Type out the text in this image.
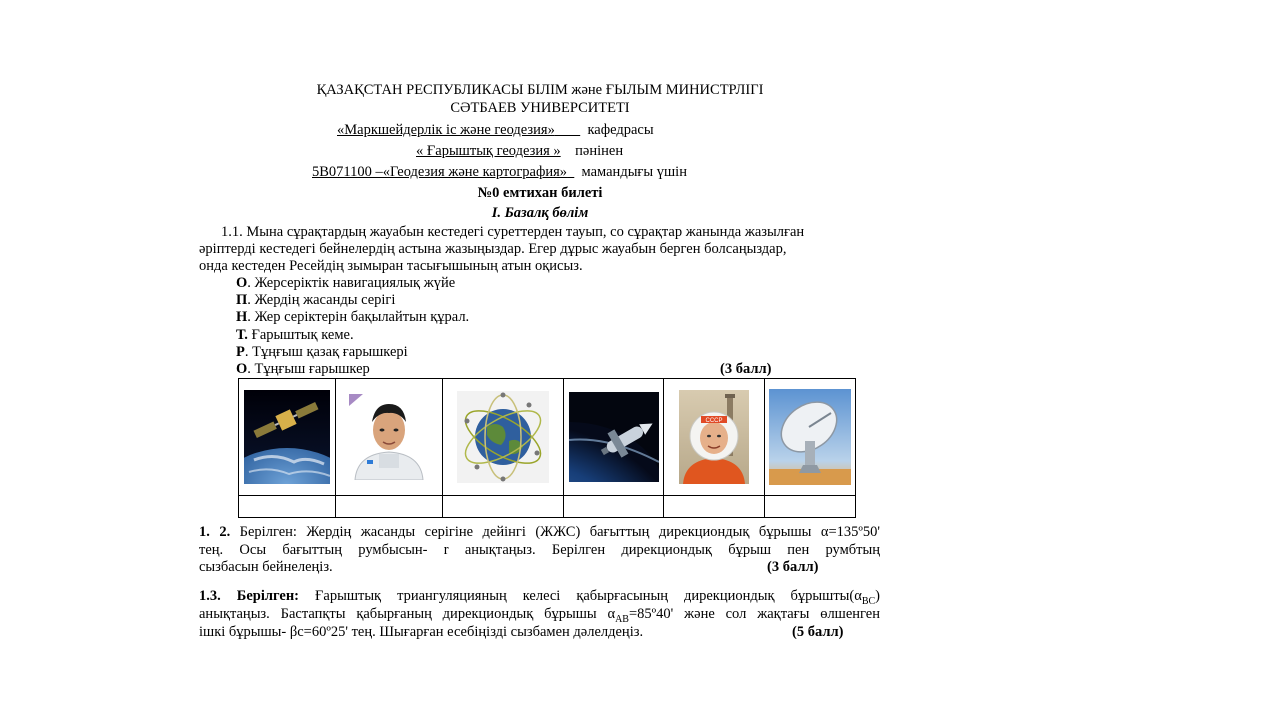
ҚАЗАҚСТАН РЕСПУБЛИКАСЫ БІЛІМ және ҒЫЛЫМ МИНИСТРЛІГІ
СӘТБАЕВ УНИВЕРСИТЕТІ
«Маркшейдерлік іс және геодезия» кафедрасы
« Ғарыштық геодезия » пәнінен
5В071100 –«Геодезия және картография» мамандығы үшін
№0 емтихан билеті
I. Базалқ бөлім
1.1. Мына сұрақтардың жауабын кестедегі суреттерден тауып, со сұрақтар жанында жазылған
әріптерді кестедегі бейнелердің астына жазыңыздар. Егер дұрыс жауабын берген болсаңыздар,
онда кестеден Ресейдің зымыран тасығышының атын оқисыз.
О. Жерсеріктік навигациялық жүйе
П. Жердің жасанды серігі
Н. Жер серіктерін бақылайтын құрал.
Т. Ғарыштық кеме.
Р. Тұңғыш қазақ ғарышкері
О. Тұңғыш ғарышкер	(3 балл)

СССР

1. 2. Берілген: Жердің жасанды серігіне дейінгі (ЖЖС) бағыттың дирекциондық бұрышы α=135º50'
тең. Осы бағыттың румбысын- r анықтаңыз. Берілген дирекциондық бұрыш пен румбтың
сызбасын бейнелеңіз.	(3 балл)
1.3. Берілген: Ғарыштық триангуляцияның келесі қабырғасының дирекциондық $бұрышты(\alpha_{BC})$
анықтаңыз. Бастапқты қабырғаның дирекциондық бұрышы $\alpha_{AB}=85º40'$ және сол жақтағы өлшенген
ішкі бұрышы- βс=60º25' тең. Шығарған есебіңізді сызбамен дәлелдеңіз.	(5 балл)
